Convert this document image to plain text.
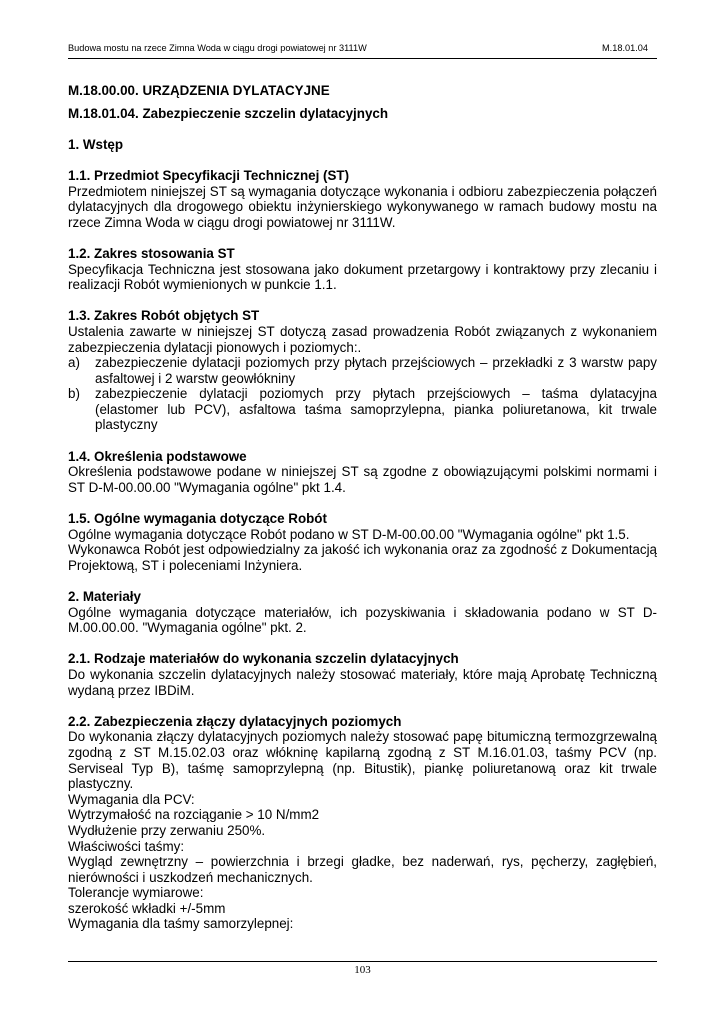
Budowa mostu na rzece Zimna Woda w ciągu drogi powiatowej nr 3111W	M.18.01.04

M.18.00.00. URZĄDZENIA DYLATACYJNE

M.18.01.04. Zabezpieczenie szczelin dylatacyjnych

1. Wstęp

1.1. Przedmiot Specyfikacji Technicznej (ST)

Przedmiotem niniejszej ST są wymagania dotyczące wykonania i odbioru zabezpieczenia połączeń dylatacyjnych dla drogowego obiektu inżynierskiego wykonywanego w ramach budowy mostu na rzece Zimna Woda w ciągu drogi powiatowej nr 3111W.

1.2. Zakres stosowania ST

Specyfikacja Techniczna jest stosowana jako dokument przetargowy i kontraktowy przy zlecaniu i realizacji Robót wymienionych w punkcie 1.1.

1.3. Zakres Robót objętych ST

Ustalenia zawarte w niniejszej ST dotyczą zasad prowadzenia Robót związanych z wykonaniem zabezpieczenia dylatacji pionowych i poziomych:.

a)	zabezpieczenie dylatacji poziomych przy płytach przejściowych – przekładki z 3 warstw papy asfaltowej i 2 warstw geowłókniny
b)	zabezpieczenie dylatacji poziomych przy płytach przejściowych – taśma dylatacyjna (elastomer lub PCV), asfaltowa taśma samoprzylepna, pianka poliuretanowa, kit trwale plastyczny

1.4. Określenia podstawowe

Określenia podstawowe podane w niniejszej ST są zgodne z obowiązującymi polskimi normami i ST D-M-00.00.00 "Wymagania ogólne" pkt 1.4.

1.5. Ogólne wymagania dotyczące Robót

Ogólne wymagania dotyczące Robót podano w ST D-M-00.00.00 "Wymagania ogólne" pkt 1.5.

Wykonawca Robót jest odpowiedzialny za jakość ich wykonania oraz za zgodność z Dokumentacją Projektową, ST i poleceniami Inżyniera.

2. Materiały

Ogólne wymagania dotyczące materiałów, ich pozyskiwania i składowania podano w ST D-M.00.00.00. "Wymagania ogólne" pkt. 2.

2.1. Rodzaje materiałów do wykonania szczelin dylatacyjnych

Do wykonania szczelin dylatacyjnych należy stosować materiały, które mają Aprobatę Techniczną wydaną przez IBDiM.

2.2. Zabezpieczenia złączy dylatacyjnych poziomych

Do wykonania złączy dylatacyjnych poziomych należy stosować papę bitumiczną termozgrzewalną zgodną z ST M.15.02.03 oraz włókninę kapilarną zgodną z ST M.16.01.03, taśmy PCV (np. Serviseal Typ B), taśmę samoprzylepną (np. Bitustik), piankę poliuretanową oraz kit trwale plastyczny.

Wymagania dla PCV:

Wytrzymałość na rozciąganie > 10 N/mm2

Wydłużenie przy zerwaniu 250%.

Właściwości taśmy:

Wygląd zewnętrzny – powierzchnia i brzegi gładke, bez naderwań, rys, pęcherzy, zagłębień, nierówności i uszkodzeń mechanicznych.

Tolerancje wymiarowe:

szerokość wkładki +/-5mm

Wymagania dla taśmy samorzylepnej:

103
